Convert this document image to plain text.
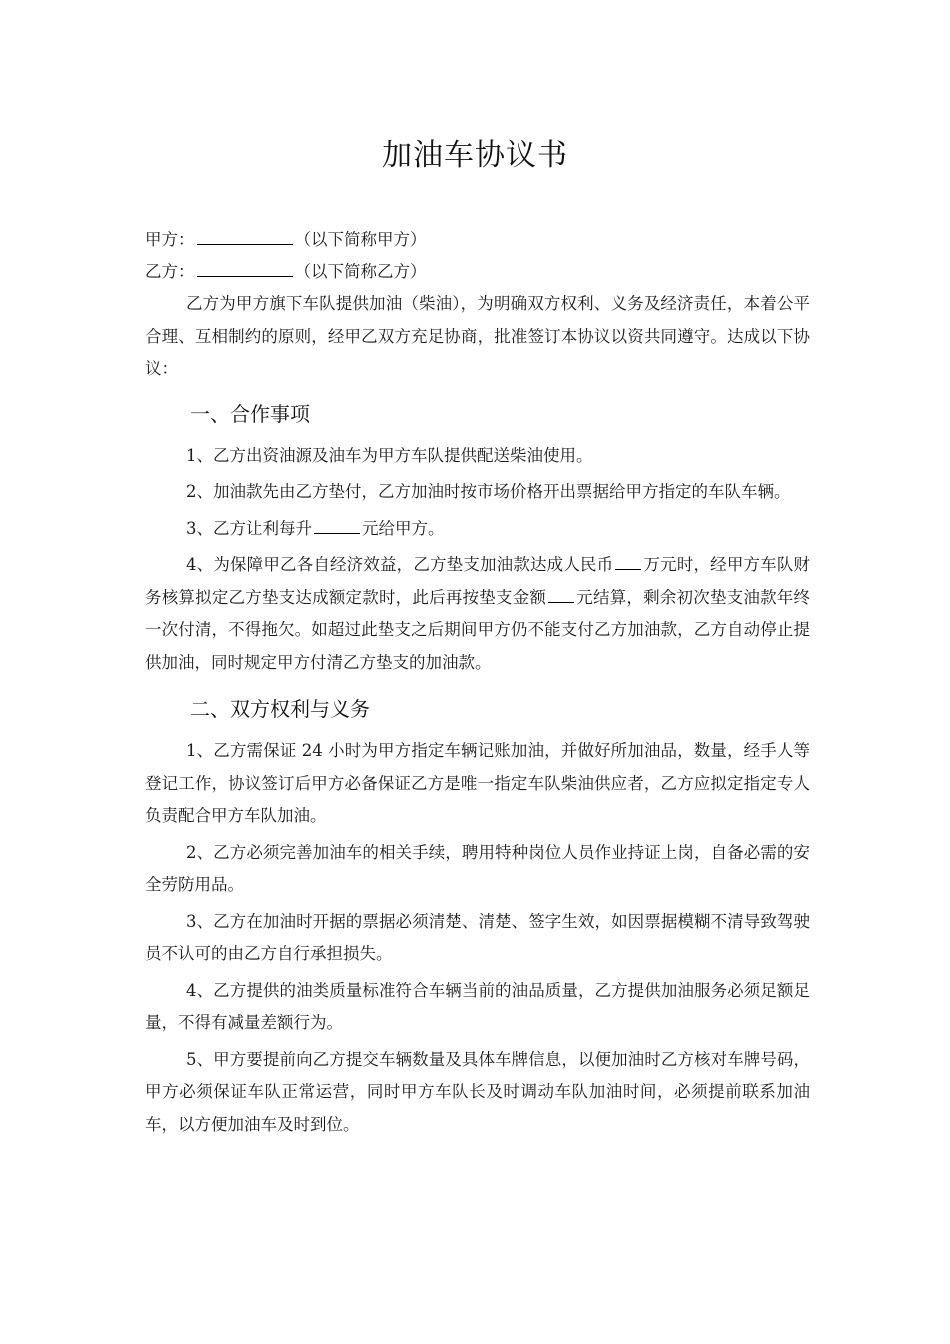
加油车协议书

甲方：	（以下简称甲方）

乙方：	（以下简称乙方）

乙方为甲方旗下车队提供加油（柴油），为明确双方权利、义务及经济责任，本着公平合理、互相制约的原则，经甲乙双方充足协商，批准签订本协议以资共同遵守。达成以下协议：

一、合作事项

1、乙方出资油源及油车为甲方车队提供配送柴油使用。

2、加油款先由乙方垫付，乙方加油时按市场价格开出票据给甲方指定的车队车辆。

3、乙方让利每升	元给甲方。

4、为保障甲乙各自经济效益，乙方垫支加油款达成人民币 万元时，经甲方车队财务核算拟定乙方垫支达成额定款时，此后再按垫支金额 元结算，剩余初次垫支油款年终一次付清，不得拖欠。如超过此垫支之后期间甲方仍不能支付乙方加油款，乙方自动停止提供加油，同时规定甲方付清乙方垫支的加油款。

二、双方权利与义务

1、乙方需保证 24 小时为甲方指定车辆记账加油，并做好所加油品，数量，经手人等登记工作，协议签订后甲方必备保证乙方是唯一指定车队柴油供应者，乙方应拟定指定专人负责配合甲方车队加油。

2、乙方必须完善加油车的相关手续，聘用特种岗位人员作业持证上岗，自备必需的安全劳防用品。

3、乙方在加油时开据的票据必须清楚、清楚、签字生效，如因票据模糊不清导致驾驶员不认可的由乙方自行承担损失。

4、乙方提供的油类质量标准符合车辆当前的油品质量，乙方提供加油服务必须足额足量，不得有减量差额行为。

5、甲方要提前向乙方提交车辆数量及具体车牌信息，以便加油时乙方核对车牌号码，甲方必须保证车队正常运营，同时甲方车队长及时调动车队加油时间，必须提前联系加油车，以方便加油车及时到位。
